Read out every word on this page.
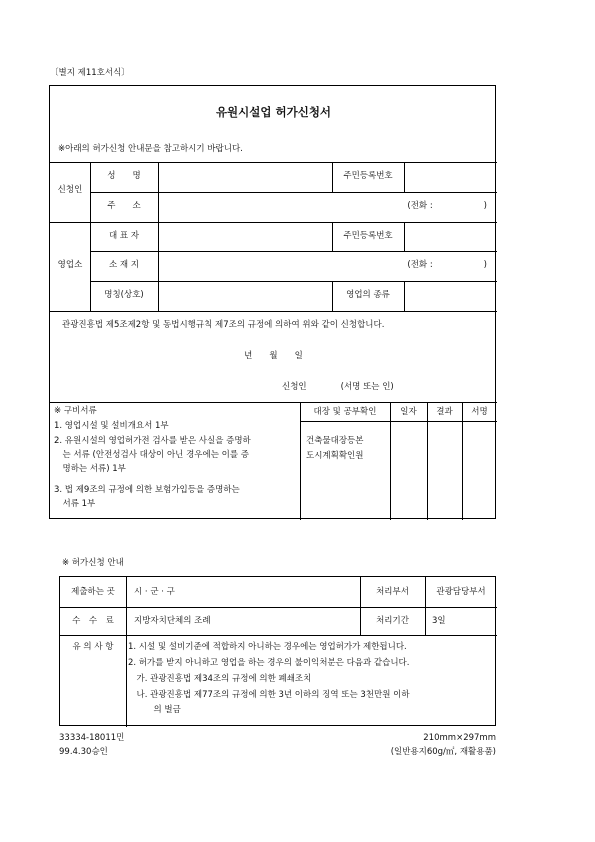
〔별지 제11호서식〕
유원시설업 허가신청서
※아래의 허가신청 안내문을 참고하시기 바랍니다.
신청인
성　　명	주민등록번호
주　　소	(전화 :　　　　　　)
영업소
대 표 자	주민등록번호
소 재 지	(전화 :　　　　　　)
명칭(상호)	영업의 종류
관광진흥법 제5조제2항 및 동법시행규칙 제7조의 규정에 의하여 위와 같이 신청합니다.
년　　월　　일
신청인　　　　(서명 또는 인)
※ 구비서류
1. 영업시설 및 설비개요서 1부
2. 유원시설의 영업허가전 검사를 받은 사실을 증명하
　는 서류 (안전성검사 대상이 아닌 경우에는 이를 증
　명하는 서류) 1부
3. 법 제9조의 규정에 의한 보험가입등을 증명하는
　서류 1부
대장 및 공부확인	일자	결과	서명
건축물대장등본
도시계획확인원
※ 허가신청 안내
제출하는 곳	시 · 군 · 구	처리부서	관광담당부서
수　수　료	지방자치단체의 조례	처리기간	3일
유 의 사 항	1. 시설 및 설비기준에 적합하지 아니하는 경우에는 영업허가가 제한됩니다.
2. 허가를 받지 아니하고 영업을 하는 경우의 불이익처분은 다음과 같습니다.
　가. 관광진흥법 제34조의 규정에 의한 폐쇄조치
　나. 관광진흥법 제77조의 규정에 의한 3년 이하의 징역 또는 3천만원 이하
　　　의 벌금
33334-18011민
99.4.30승인
210mm×297mm
(일반용지60g/㎡, 재활용품)
